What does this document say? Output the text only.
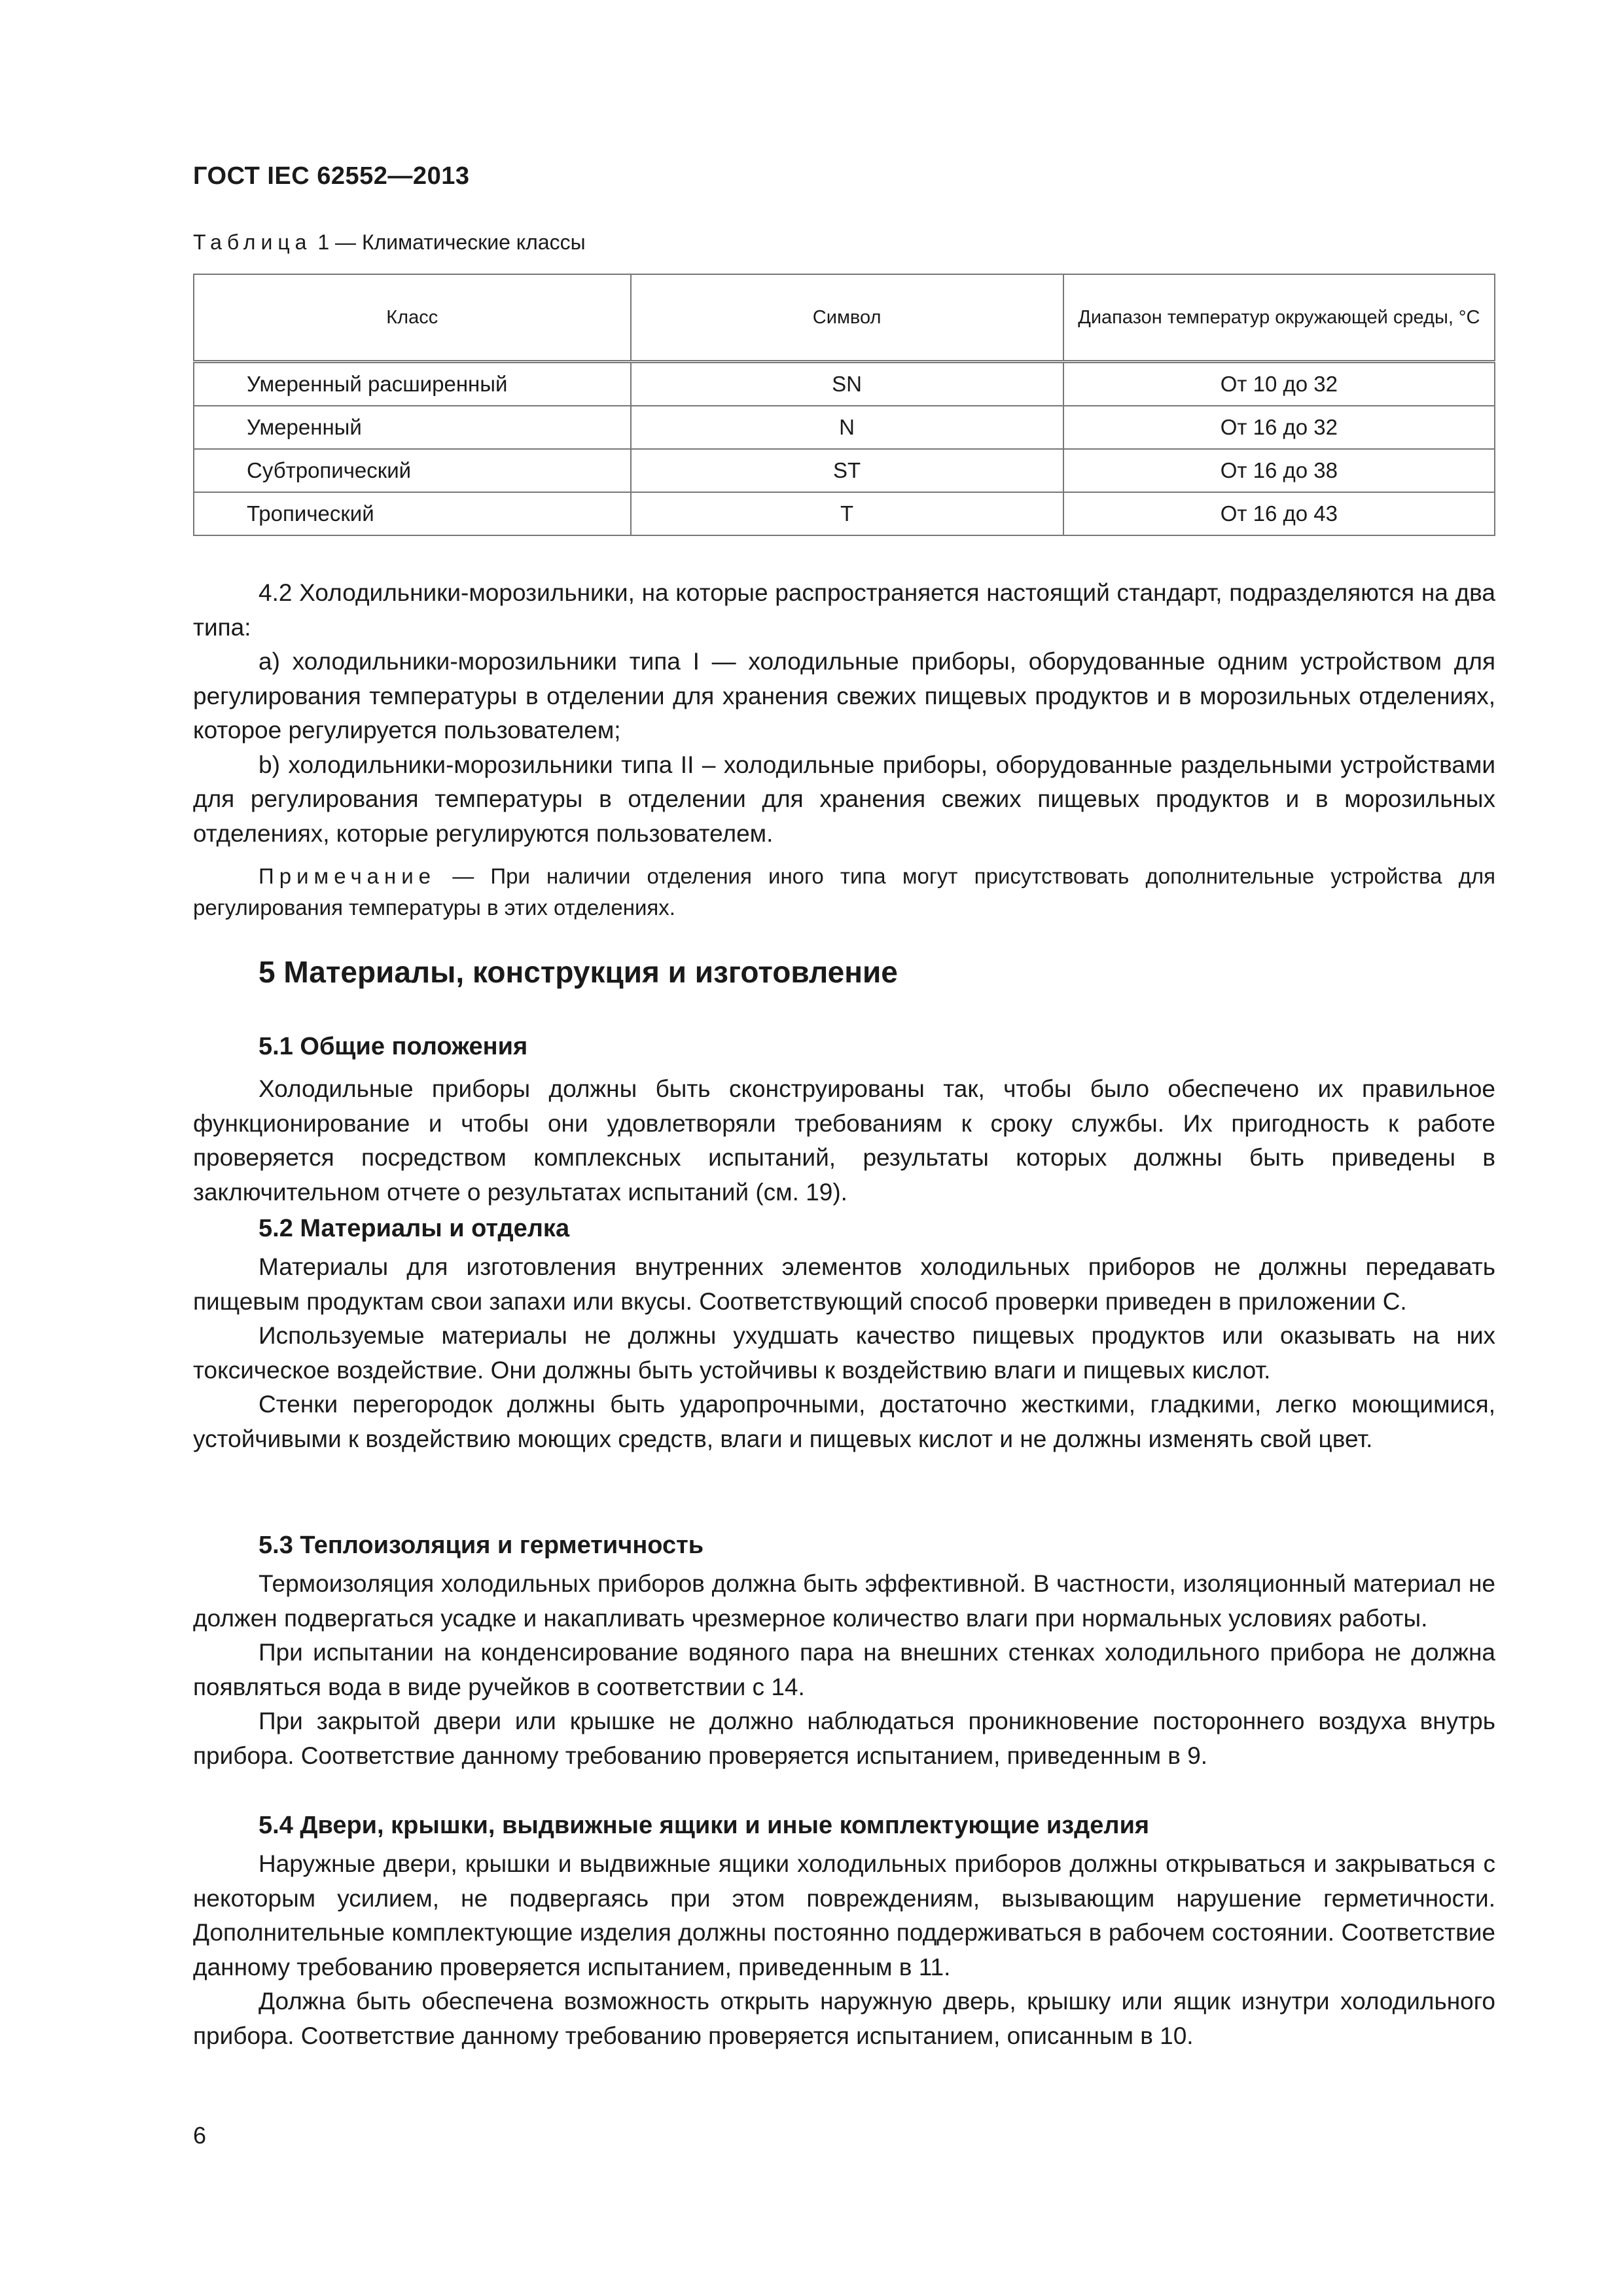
ГОСТ IEC 62552—2013
Таблица 1 — Климатические классы
Класс	Символ	Диапазон температур окружающей среды, °С
Умеренный расширенный	SN	От 10 до 32
Умеренный	N	От 16 до 32
Субтропический	ST	От 16 до 38
Тропический	T	От 16 до 43

4.2 Холодильники-морозильники, на которые распространяется настоящий стандарт, подразделяются на два типа:

a) холодильники-морозильники типа I — холодильные приборы, оборудованные одним устройством для регулирования температуры в отделении для хранения свежих пищевых продуктов и в морозильных отделениях, которое регулируется пользователем;

b) холодильники-морозильники типа II – холодильные приборы, оборудованные раздельными устройствами для регулирования температуры в отделении для хранения свежих пищевых продуктов и в морозильных отделениях, которые регулируются пользователем.

Примечание — При наличии отделения иного типа могут присутствовать дополнительные устройства для регулирования температуры в этих отделениях.

5 Материалы, конструкция и изготовление
5.1 Общие положения

Холодильные приборы должны быть сконструированы так, чтобы было обеспечено их правильное функционирование и чтобы они удовлетворяли требованиям к сроку службы. Их пригодность к работе проверяется посредством комплексных испытаний, результаты которых должны быть приведены в заключительном отчете о результатах испытаний (см. 19).

5.2 Материалы и отделка

Материалы для изготовления внутренних элементов холодильных приборов не должны передавать пищевым продуктам свои запахи или вкусы. Соответствующий способ проверки приведен в приложении С.

Используемые материалы не должны ухудшать качество пищевых продуктов или оказывать на них токсическое воздействие. Они должны быть устойчивы к воздействию влаги и пищевых кислот.

Стенки перегородок должны быть ударопрочными, достаточно жесткими, гладкими, легко моющимися, устойчивыми к воздействию моющих средств, влаги и пищевых кислот и не должны изменять свой цвет.

5.3 Теплоизоляция и герметичность

Термоизоляция холодильных приборов должна быть эффективной. В частности, изоляционный материал не должен подвергаться усадке и накапливать чрезмерное количество влаги при нормальных условиях работы.

При испытании на конденсирование водяного пара на внешних стенках холодильного прибора не должна появляться вода в виде ручейков в соответствии с 14.

При закрытой двери или крышке не должно наблюдаться проникновение постороннего воздуха внутрь прибора. Соответствие данному требованию проверяется испытанием, приведенным в 9.

5.4 Двери, крышки, выдвижные ящики и иные комплектующие изделия

Наружные двери, крышки и выдвижные ящики холодильных приборов должны открываться и закрываться с некоторым усилием, не подвергаясь при этом повреждениям, вызывающим нарушение герметичности. Дополнительные комплектующие изделия должны постоянно поддерживаться в рабочем состоянии. Соответствие данному требованию проверяется испытанием, приведенным в 11.

Должна быть обеспечена возможность открыть наружную дверь, крышку или ящик изнутри холодильного прибора. Соответствие данному требованию проверяется испытанием, описанным в 10.

6
